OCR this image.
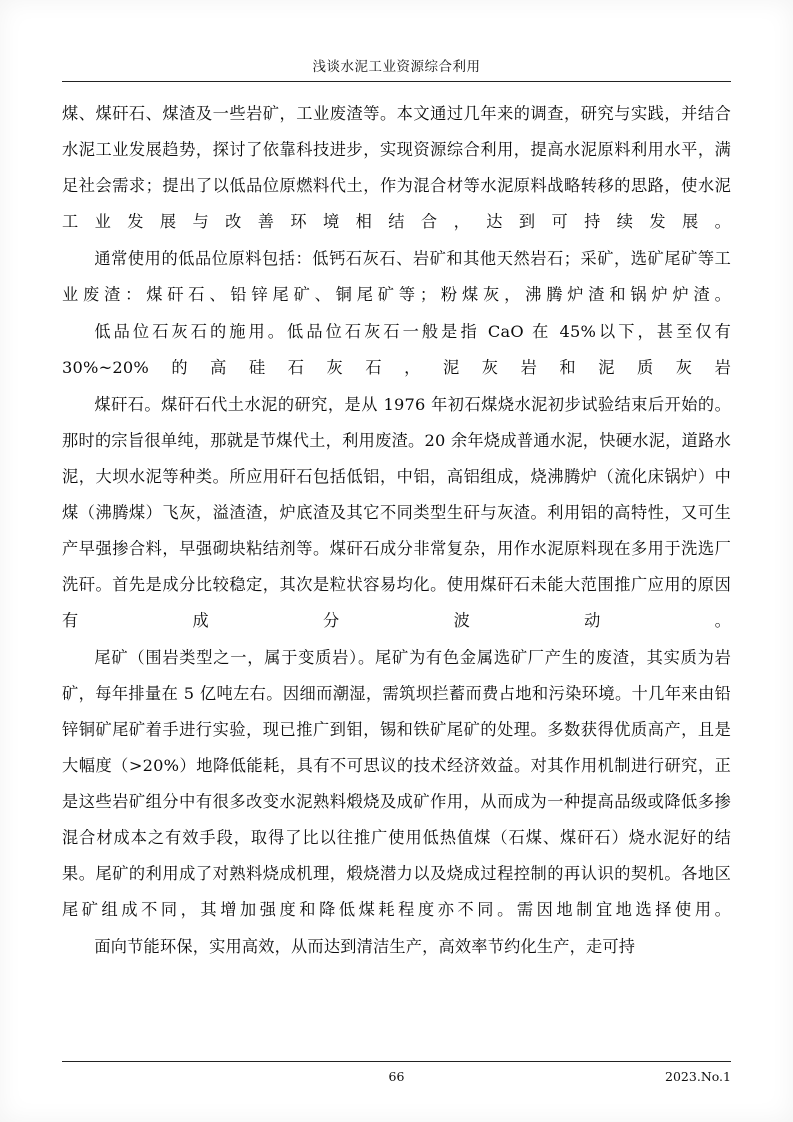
浅谈水泥工业资源综合利用

煤、煤矸石、煤渣及一些岩矿，工业废渣等。本文通过几年来的调查，研究与实践，并结合水泥工业发展趋势，探讨了依靠科技进步，实现资源综合利用，提高水泥原料利用水平，满足社会需求；提出了以低品位原燃料代土，作为混合材等水泥原料战略转移的思路，使水泥工业发展与改善环境相结合，达到可持续发展。

通常使用的低品位原料包括：低钙石灰石、岩矿和其他天然岩石；采矿，选矿尾矿等工业废渣：煤矸石、铅锌尾矿、铜尾矿等；粉煤灰，沸腾炉渣和锅炉炉渣。

低品位石灰石的施用。低品位石灰石一般是指 CaO 在 45%以下，甚至仅有 30%~20%的高硅石灰石，泥灰岩和泥质灰岩

煤矸石。煤矸石代土水泥的研究，是从 1976 年初石煤烧水泥初步试验结束后开始的。那时的宗旨很单纯，那就是节煤代土，利用废渣。20 余年烧成普通水泥，快硬水泥，道路水泥，大坝水泥等种类。所应用矸石包括低铝，中铝，高铝组成，烧沸腾炉（流化床锅炉）中煤（沸腾煤）飞灰，溢渣渣，炉底渣及其它不同类型生矸与灰渣。利用铝的高特性，又可生产早强掺合料，早强砌块粘结剂等。煤矸石成分非常复杂，用作水泥原料现在多用于洗选厂洗矸。首先是成分比较稳定，其次是粒状容易均化。使用煤矸石未能大范围推广应用的原因有成分波动。

尾矿（围岩类型之一，属于变质岩）。尾矿为有色金属选矿厂产生的废渣，其实质为岩矿，每年排量在 5 亿吨左右。因细而潮湿，需筑坝拦蓄而费占地和污染环境。十几年来由铅锌铜矿尾矿着手进行实验，现已推广到钼，锡和铁矿尾矿的处理。多数获得优质高产，且是大幅度（>20%）地降低能耗，具有不可思议的技术经济效益。对其作用机制进行研究，正是这些岩矿组分中有很多改变水泥熟料煅烧及成矿作用，从而成为一种提高品级或降低多掺混合材成本之有效手段，取得了比以往推广使用低热值煤（石煤、煤矸石）烧水泥好的结果。尾矿的利用成了对熟料烧成机理，煅烧潜力以及烧成过程控制的再认识的契机。各地区尾矿组成不同，其增加强度和降低煤耗程度亦不同。需因地制宜地选择使用。

面向节能环保，实用高效，从而达到清洁生产，高效率节约化生产，走可持

66	2023.No.1
